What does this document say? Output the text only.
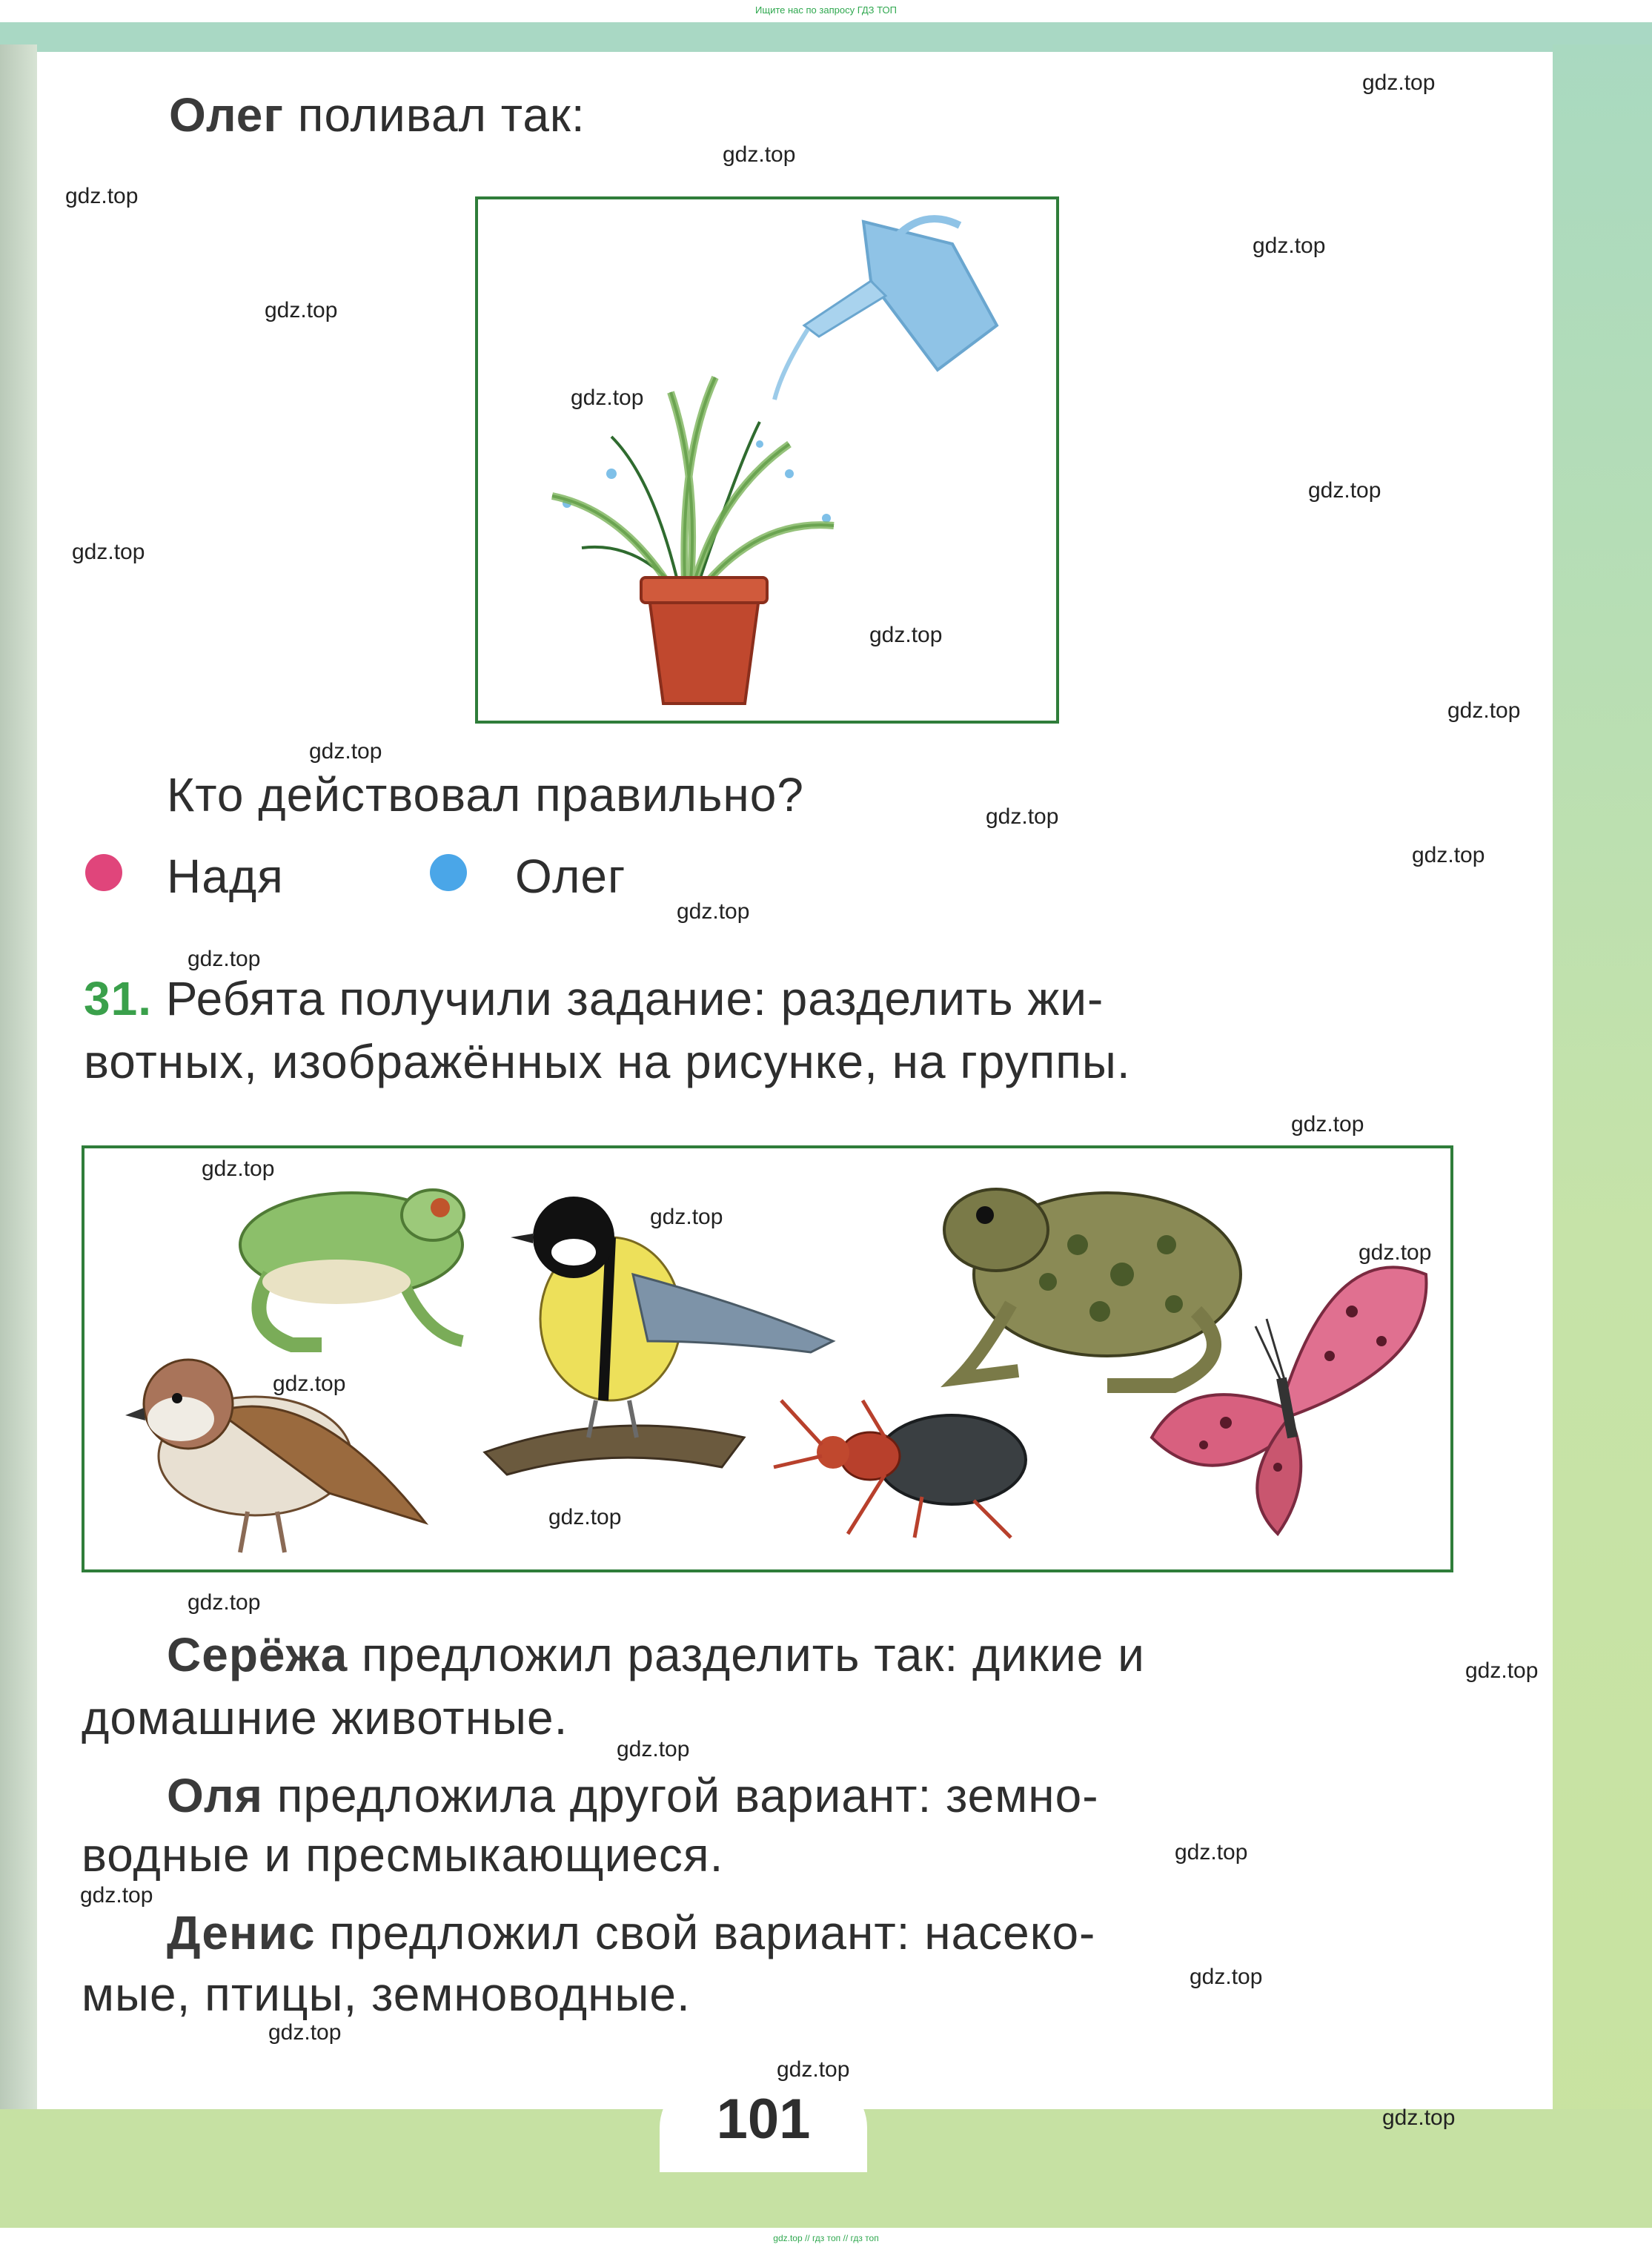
Ищите нас по запросу ГДЗ ТОП
Олег поливал так:
Кто действовал правильно?
Надя	Олег
31. Ребята получили задание: разделить жи-
вотных, изображённых на рисунке, на группы.
Серёжа предложил разделить так: дикие и
домашние животные.
Оля предложила другой вариант: земно-
водные и пресмыкающиеся.
Денис предложил свой вариант: насеко-
мые, птицы, земноводные.
101
gdz.top
gdz.top
gdz.top
gdz.top
gdz.top
gdz.top
gdz.top
gdz.top
gdz.top
gdz.top
gdz.top
gdz.top
gdz.top
gdz.top
gdz.top
gdz.top
gdz.top
gdz.top
gdz.top
gdz.top
gdz.top
gdz.top
gdz.top
gdz.top
gdz.top
gdz.top
gdz.top
gdz.top
gdz.top
gdz.top
gdz.top // гдз топ // гдз топ
